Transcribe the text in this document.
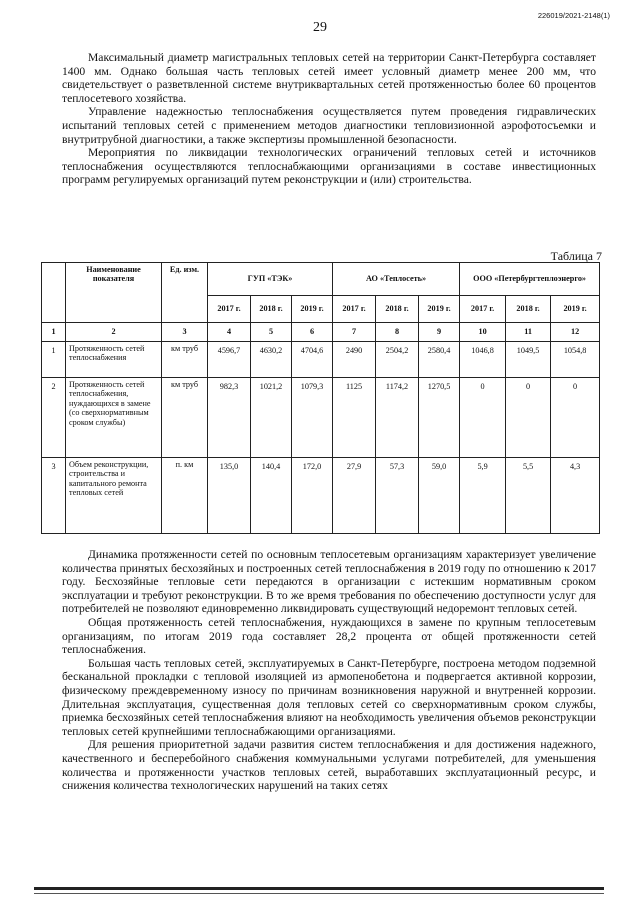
226019/2021-2148(1)
29

Максимальный диаметр магистральных тепловых сетей на территории Санкт-Петербурга составляет 1400 мм. Однако большая часть тепловых сетей имеет условный диаметр менее 200 мм, что свидетельствует о разветвленной системе внутриквартальных сетей протяженностью более 60 процентов теплосетевого хозяйства.

Управление надежностью теплоснабжения осуществляется путем проведения гидравлических испытаний тепловых сетей с применением методов диагностики тепловизионной аэрофотосъемки и внутритрубной диагностики, а также экспертизы промышленной безопасности.

Мероприятия по ликвидации технологических ограничений тепловых сетей и источников теплоснабжения осуществляются теплоснабжающими организациями в составе инвестиционных программ регулируемых организаций путем реконструкции и (или) строительства.

Таблица 7
	Наименование показателя	Ед. изм.	ГУП «ТЭК»			АО «Теплосеть»			ООО «Петербургтеплоэнерго»		
			2017 г.	2018 г.	2019 г.	2017 г.	2018 г.	2019 г.	2017 г.	2018 г.	2019 г.
1	2	3	4	5	6	7	8	9	10	11	12
1	Протяженность сетей теплоснабжения	км труб	4596,7	4630,2	4704,6	2490	2504,2	2580,4	1046,8	1049,5	1054,8
2	Протяженность сетей теплоснабжения, нуждающихся в замене (со сверхнормативным сроком службы)	км труб	982,3	1021,2	1079,3	1125	1174,2	1270,5	0	0	0
3	Объем реконструкции, строительства и капитального ремонта тепловых сетей	п. км	135,0	140,4	172,0	27,9	57,3	59,0	5,9	5,5	4,3

Динамика протяженности сетей по основным теплосетевым организациям характеризует увеличение количества принятых бесхозяйных и построенных сетей теплоснабжения в 2019 году по отношению к 2017 году. Бесхозяйные тепловые сети передаются в организации с истекшим нормативным сроком эксплуатации и требуют реконструкции. В то же время требования по обеспечению доступности услуг для потребителей не позволяют единовременно ликвидировать существующий недоремонт тепловых сетей.

Общая протяженность сетей теплоснабжения, нуждающихся в замене по крупным теплосетевым организациям, по итогам 2019 года составляет 28,2 процента от общей протяженности сетей теплоснабжения.

Большая часть тепловых сетей, эксплуатируемых в Санкт-Петербурге, построена методом подземной бесканальной прокладки с тепловой изоляцией из армопенобетона и подвергается активной коррозии, физическому преждевременному износу по причинам возникновения наружной и внутренней коррозии. Длительная эксплуатация, существенная доля тепловых сетей со сверхнормативным сроком службы, приемка бесхозяйных сетей теплоснабжения влияют на необходимость увеличения объемов реконструкции тепловых сетей крупнейшими теплоснабжающими организациями.

Для решения приоритетной задачи развития систем теплоснабжения и для достижения надежного, качественного и бесперебойного снабжения коммунальными услугами потребителей, для уменьшения количества и протяженности участков тепловых сетей, выработавших эксплуатационный ресурс, и снижения количества технологических нарушений на таких сетях
